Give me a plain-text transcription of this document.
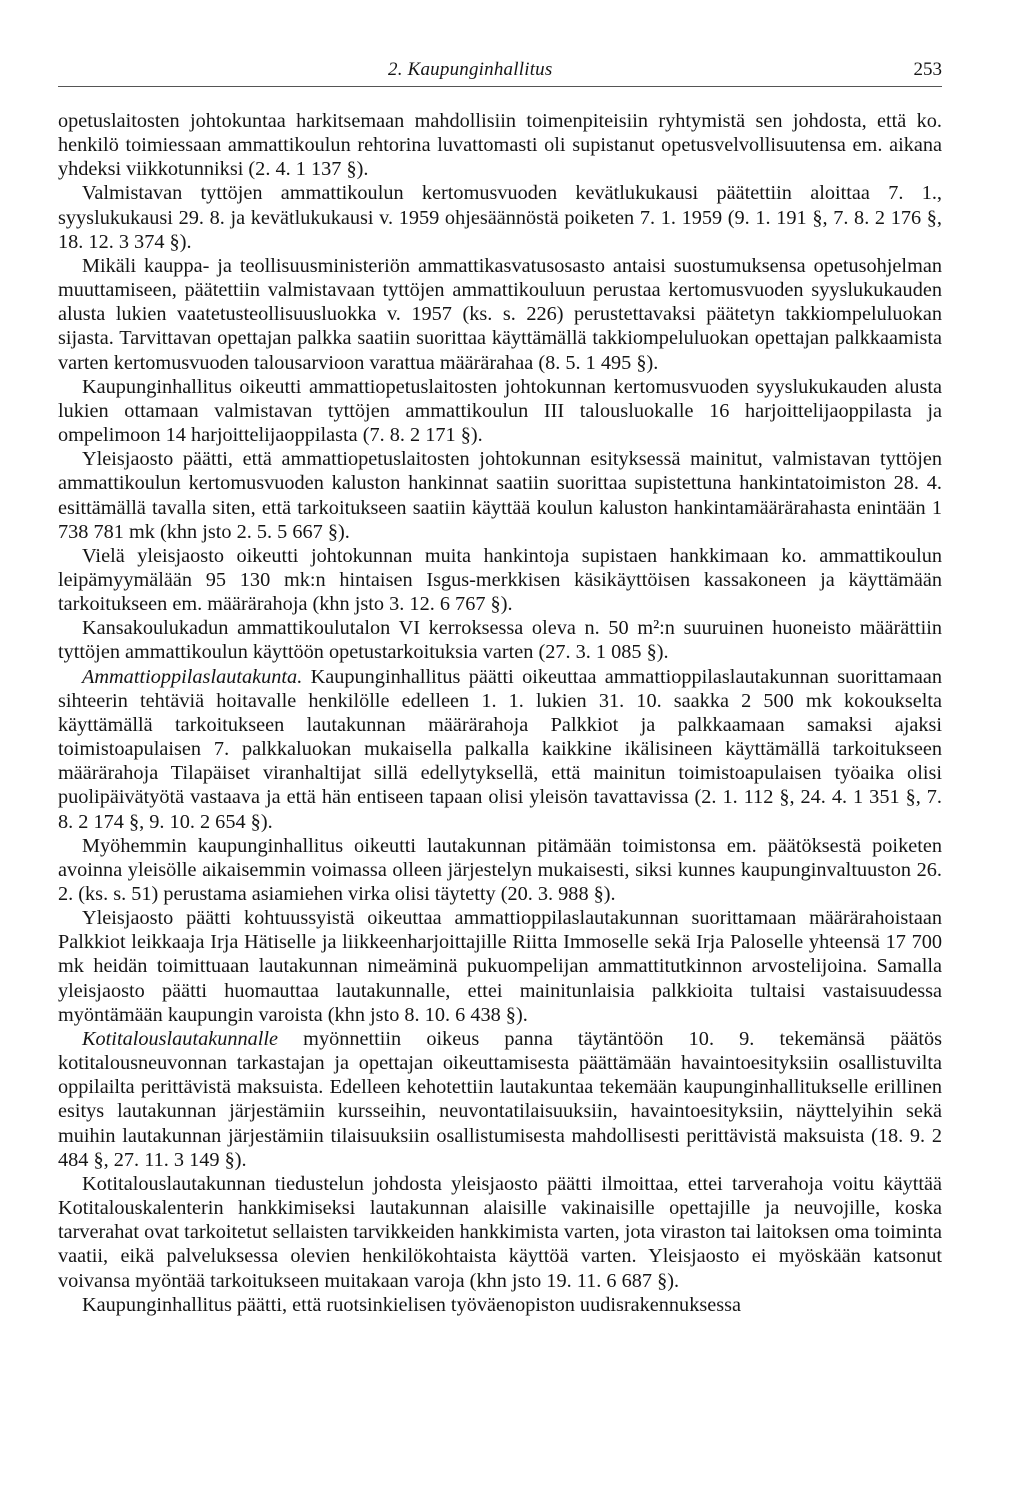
2. Kaupunginhallitus	253

opetuslaitosten johtokuntaa harkitsemaan mahdollisiin toimenpiteisiin ryhtymistä sen johdosta, että ko. henkilö toimiessaan ammattikoulun rehtorina luvattomasti oli supistanut opetusvelvollisuutensa em. aikana yhdeksi viikkotunniksi (2. 4. 1 137 §).

Valmistavan tyttöjen ammattikoulun kertomusvuoden kevätlukukausi päätettiin aloittaa 7. 1., syyslukukausi 29. 8. ja kevätlukukausi v. 1959 ohjesäännöstä poiketen 7. 1. 1959 (9. 1. 191 §, 7. 8. 2 176 §, 18. 12. 3 374 §).

Mikäli kauppa- ja teollisuusministeriön ammattikasvatusosasto antaisi suostumuksensa opetusohjelman muuttamiseen, päätettiin valmistavaan tyttöjen ammattikouluun perustaa kertomusvuoden syyslukukauden alusta lukien vaatetusteollisuusluokka v. 1957 (ks. s. 226) perustettavaksi päätetyn takkiompeluluokan sijasta. Tarvittavan opettajan palkka saatiin suorittaa käyttämällä takkiompeluluokan opettajan palkkaamista varten kertomusvuoden talousarvioon varattua määrärahaa (8. 5. 1 495 §).

Kaupunginhallitus oikeutti ammattiopetuslaitosten johtokunnan kertomusvuoden syyslukukauden alusta lukien ottamaan valmistavan tyttöjen ammattikoulun III talousluokalle 16 harjoittelijaoppilasta ja ompelimoon 14 harjoittelijaoppilasta (7. 8. 2 171 §).

Yleisjaosto päätti, että ammattiopetuslaitosten johtokunnan esityksessä mainitut, valmistavan tyttöjen ammattikoulun kertomusvuoden kaluston hankinnat saatiin suorittaa supistettuna hankintatoimiston 28. 4. esittämällä tavalla siten, että tarkoitukseen saatiin käyttää koulun kaluston hankintamäärärahasta enintään 1 738 781 mk (khn jsto 2. 5. 5 667 §).

Vielä yleisjaosto oikeutti johtokunnan muita hankintoja supistaen hankkimaan ko. ammattikoulun leipämyymälään 95 130 mk:n hintaisen Isgus-merkkisen käsikäyttöisen kassakoneen ja käyttämään tarkoitukseen em. määrärahoja (khn jsto 3. 12. 6 767 §).

Kansakoulukadun ammattikoulutalon VI kerroksessa oleva n. 50 m²:n suuruinen huoneisto määrättiin tyttöjen ammattikoulun käyttöön opetustarkoituksia varten (27. 3. 1 085 §).

Ammattioppilaslautakunta. Kaupunginhallitus päätti oikeuttaa ammattioppilaslautakunnan suorittamaan sihteerin tehtäviä hoitavalle henkilölle edelleen 1. 1. lukien 31. 10. saakka 2 500 mk kokoukselta käyttämällä tarkoitukseen lautakunnan määrärahoja Palkkiot ja palkkaamaan samaksi ajaksi toimistoapulaisen 7. palkkaluokan mukaisella palkalla kaikkine ikälisineen käyttämällä tarkoitukseen määrärahoja Tilapäiset viranhaltijat sillä edellytyksellä, että mainitun toimistoapulaisen työaika olisi puolipäivätyötä vastaava ja että hän entiseen tapaan olisi yleisön tavattavissa (2. 1. 112 §, 24. 4. 1 351 §, 7. 8. 2 174 §, 9. 10. 2 654 §).

Myöhemmin kaupunginhallitus oikeutti lautakunnan pitämään toimistonsa em. päätöksestä poiketen avoinna yleisölle aikaisemmin voimassa olleen järjestelyn mukaisesti, siksi kunnes kaupunginvaltuuston 26. 2. (ks. s. 51) perustama asiamiehen virka olisi täytetty (20. 3. 988 §).

Yleisjaosto päätti kohtuussyistä oikeuttaa ammattioppilaslautakunnan suorittamaan määrärahoistaan Palkkiot leikkaaja Irja Hätiselle ja liikkeenharjoittajille Riitta Immoselle sekä Irja Paloselle yhteensä 17 700 mk heidän toimittuaan lautakunnan nimeäminä pukuompelijan ammattitutkinnon arvostelijoina. Samalla yleisjaosto päätti huomauttaa lautakunnalle, ettei mainitunlaisia palkkioita tultaisi vastaisuudessa myöntämään kaupungin varoista (khn jsto 8. 10. 6 438 §).

Kotitalouslautakunnalle myönnettiin oikeus panna täytäntöön 10. 9. tekemänsä päätös kotitalousneuvonnan tarkastajan ja opettajan oikeuttamisesta päättämään havaintoesityksiin osallistuvilta oppilailta perittävistä maksuista. Edelleen kehotettiin lautakuntaa tekemään kaupunginhallitukselle erillinen esitys lautakunnan järjestämiin kursseihin, neuvontatilaisuuksiin, havaintoesityksiin, näyttelyihin sekä muihin lautakunnan järjestämiin tilaisuuksiin osallistumisesta mahdollisesti perittävistä maksuista (18. 9. 2 484 §, 27. 11. 3 149 §).

Kotitalouslautakunnan tiedustelun johdosta yleisjaosto päätti ilmoittaa, ettei tarverahoja voitu käyttää Kotitalouskalenterin hankkimiseksi lautakunnan alaisille vakinaisille opettajille ja neuvojille, koska tarverahat ovat tarkoitetut sellaisten tarvikkeiden hankkimista varten, jota viraston tai laitoksen oma toiminta vaatii, eikä palveluksessa olevien henkilökohtaista käyttöä varten. Yleisjaosto ei myöskään katsonut voivansa myöntää tarkoitukseen muitakaan varoja (khn jsto 19. 11. 6 687 §).

Kaupunginhallitus päätti, että ruotsinkielisen työväenopiston uudisrakennuksessa
